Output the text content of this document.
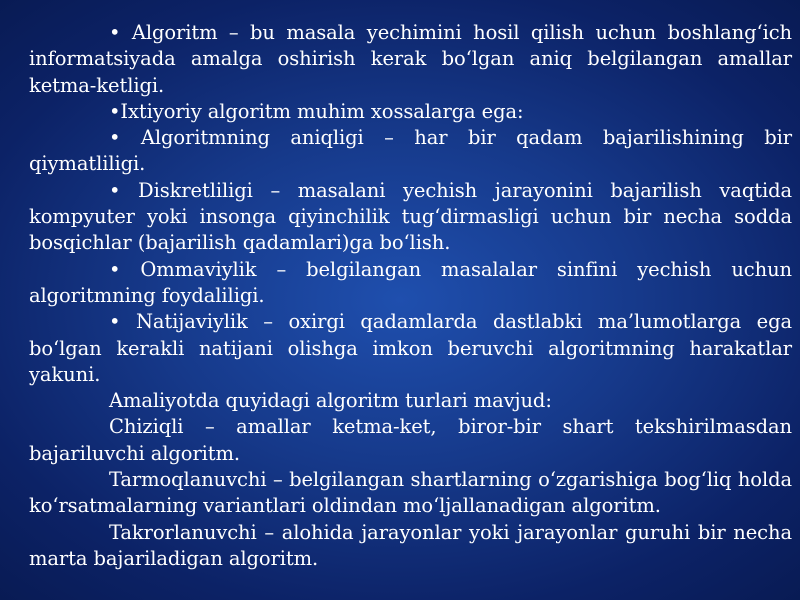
• Algoritm – bu masala yechimini hosil qilish uchun boshlang‘ich informatsiyada amalga oshirish kerak bo‘lgan aniq belgilangan amallar ketma-ketligi.

•Ixtiyoriy algoritm muhim xossalarga ega:

• Algoritmning aniqligi – har bir qadam bajarilishining bir qiymatliligi.

• Diskretliligi – masalani yechish jarayonini bajarilish vaqtida kompyuter yoki insonga qiyinchilik tug‘dirmasligi uchun bir necha sodda bosqichlar (bajarilish qadamlari)ga bo‘lish.

• Ommaviylik – belgilangan masalalar sinfini yechish uchun algoritmning foydaliligi.

• Natijaviylik – oxirgi qadamlarda dastlabki ma’lumotlarga ega bo‘lgan kerakli natijani olishga imkon beruvchi algoritmning harakatlar yakuni.

Amaliyotda quyidagi algoritm turlari mavjud:

Chiziqli – amallar ketma-ket, biror-bir shart tekshirilmasdan bajariluvchi algoritm.

Tarmoqlanuvchi – belgilangan shartlarning o‘zgarishiga bog‘liq holda ko‘rsatmalarning variantlari oldindan mo‘ljallanadigan algoritm.

Takrorlanuvchi – alohida jarayonlar yoki jarayonlar guruhi bir necha marta bajariladigan algoritm.
